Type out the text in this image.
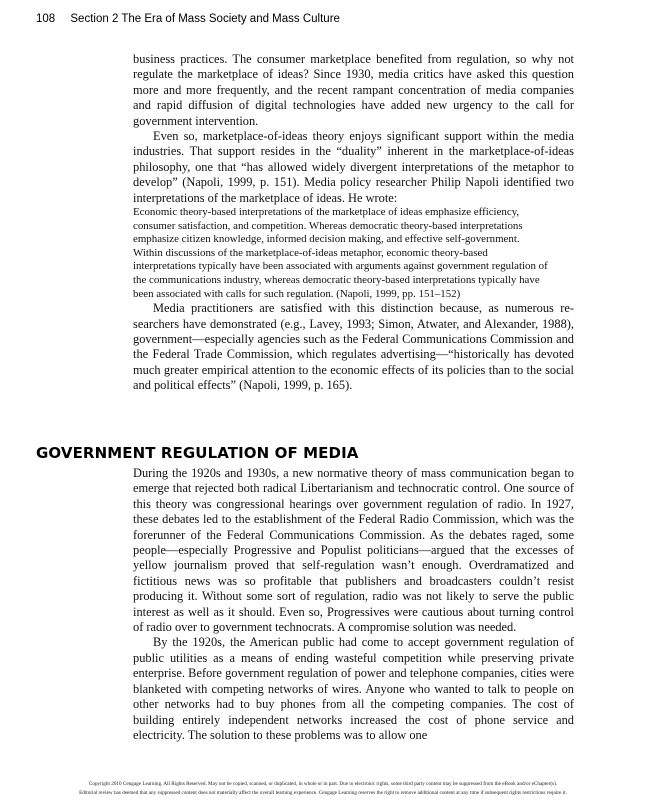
108 Section 2 The Era of Mass Society and Mass Culture

business practices. The consumer marketplace benefited from regulation, so why not regulate the marketplace of ideas? Since 1930, media critics have asked this question more and more frequently, and the recent rampant concentration of media companies and rapid diffusion of digital technologies have added new urgency to the call for government intervention.

Even so, marketplace-of-ideas theory enjoys significant support within the media industries. That support resides in the “duality” inherent in the marketplace-of-ideas philosophy, one that “has allowed widely divergent interpretations of the metaphor to develop” (Napoli, 1999, p. 151). Media policy researcher Philip Napoli identified two interpretations of the marketplace of ideas. He wrote:

Economic theory-based interpretations of the marketplace of ideas emphasize efficiency, consumer satisfaction, and competition. Whereas democratic theory-based interpretations emphasize citizen knowledge, informed decision making, and effective self-government. Within discussions of the marketplace-of-ideas metaphor, economic theory-based interpretations typically have been associated with arguments against government regulation of the communications industry, whereas democratic theory-based interpretations typically have been associated with calls for such regulation. (Napoli, 1999, pp. 151–152)

Media practitioners are satisfied with this distinction because, as numerous researchers have demonstrated (e.g., Lavey, 1993; Simon, Atwater, and Alexander, 1988), government—especially agencies such as the Federal Communications Commission and the Federal Trade Commission, which regulates advertising—“historically has devoted much greater empirical attention to the economic effects of its policies than to the social and political effects” (Napoli, 1999, p. 165).

GOVERNMENT REGULATION OF MEDIA

During the 1920s and 1930s, a new normative theory of mass communication began to emerge that rejected both radical Libertarianism and technocratic control. One source of this theory was congressional hearings over government regulation of radio. In 1927, these debates led to the establishment of the Federal Radio Commission, which was the forerunner of the Federal Communications Commission. As the debates raged, some people—especially Progressive and Populist politicians—argued that the excesses of yellow journalism proved that self-regulation wasn’t enough. Overdramatized and fictitious news was so profitable that publishers and broadcasters couldn’t resist producing it. Without some sort of regulation, radio was not likely to serve the public interest as well as it should. Even so, Progressives were cautious about turning control of radio over to government technocrats. A compromise solution was needed.

By the 1920s, the American public had come to accept government regulation of public utilities as a means of ending wasteful competition while preserving private enterprise. Before government regulation of power and telephone companies, cities were blanketed with competing networks of wires. Anyone who wanted to talk to people on other networks had to buy phones from all the competing companies. The cost of building entirely independent networks increased the cost of phone service and electricity. The solution to these problems was to allow one

Copyright 2010 Cengage Learning. All Rights Reserved. May not be copied, scanned, or duplicated, in whole or in part. Due to electronic rights, some third party content may be suppressed from the eBook and/or eChapter(s).
Editorial review has deemed that any suppressed content does not materially affect the overall learning experience. Cengage Learning reserves the right to remove additional content at any time if subsequent rights restrictions require it.
